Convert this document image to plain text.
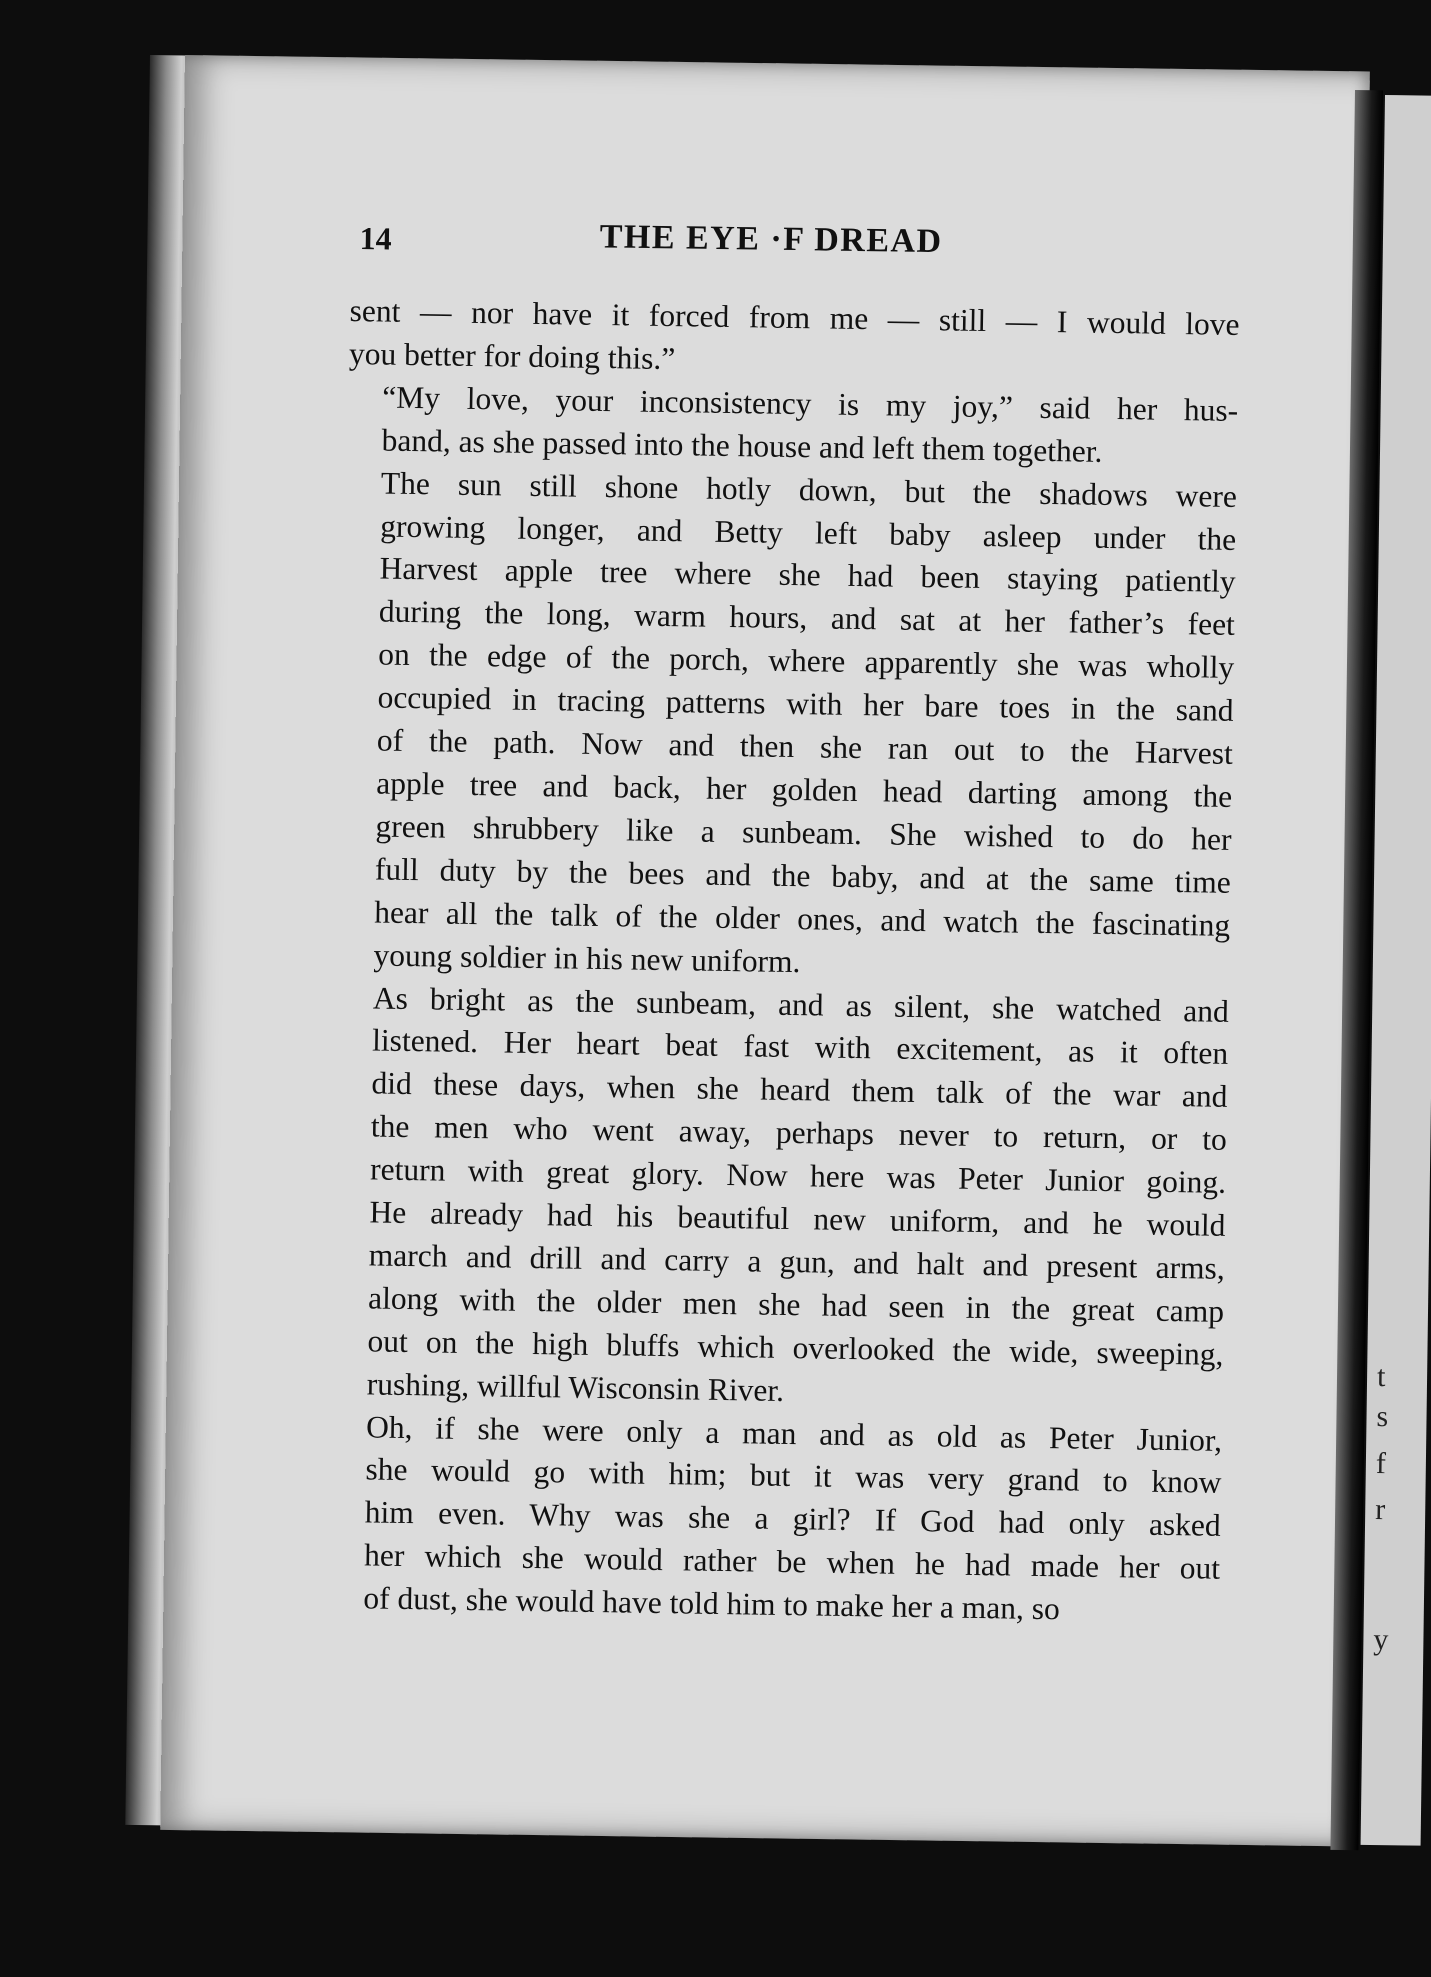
t
s
f
r
y
14	THE EYE ·F DREAD

sent — nor have it forced from me — still — I would love
you better for doing this.”

“My love, your inconsistency is my joy,” said her hus-
band, as she passed into the house and left them together.

The sun still shone hotly down, but the shadows were
growing longer, and Betty left baby asleep under the
Harvest apple tree where she had been staying patiently
during the long, warm hours, and sat at her father’s feet
on the edge of the porch, where apparently she was wholly
occupied in tracing patterns with her bare toes in the sand
of the path. Now and then she ran out to the Harvest
apple tree and back, her golden head darting among the
green shrubbery like a sunbeam. She wished to do her
full duty by the bees and the baby, and at the same time
hear all the talk of the older ones, and watch the fascinating
young soldier in his new uniform.

As bright as the sunbeam, and as silent, she watched and
listened. Her heart beat fast with excitement, as it often
did these days, when she heard them talk of the war and
the men who went away, perhaps never to return, or to
return with great glory. Now here was Peter Junior going.
He already had his beautiful new uniform, and he would
march and drill and carry a gun, and halt and present arms,
along with the older men she had seen in the great camp
out on the high bluffs which overlooked the wide, sweeping,
rushing, willful Wisconsin River.

Oh, if she were only a man and as old as Peter Junior,
she would go with him; but it was very grand to know
him even. Why was she a girl? If God had only asked
her which she would rather be when he had made her out
of dust, she would have told him to make her a man, so
